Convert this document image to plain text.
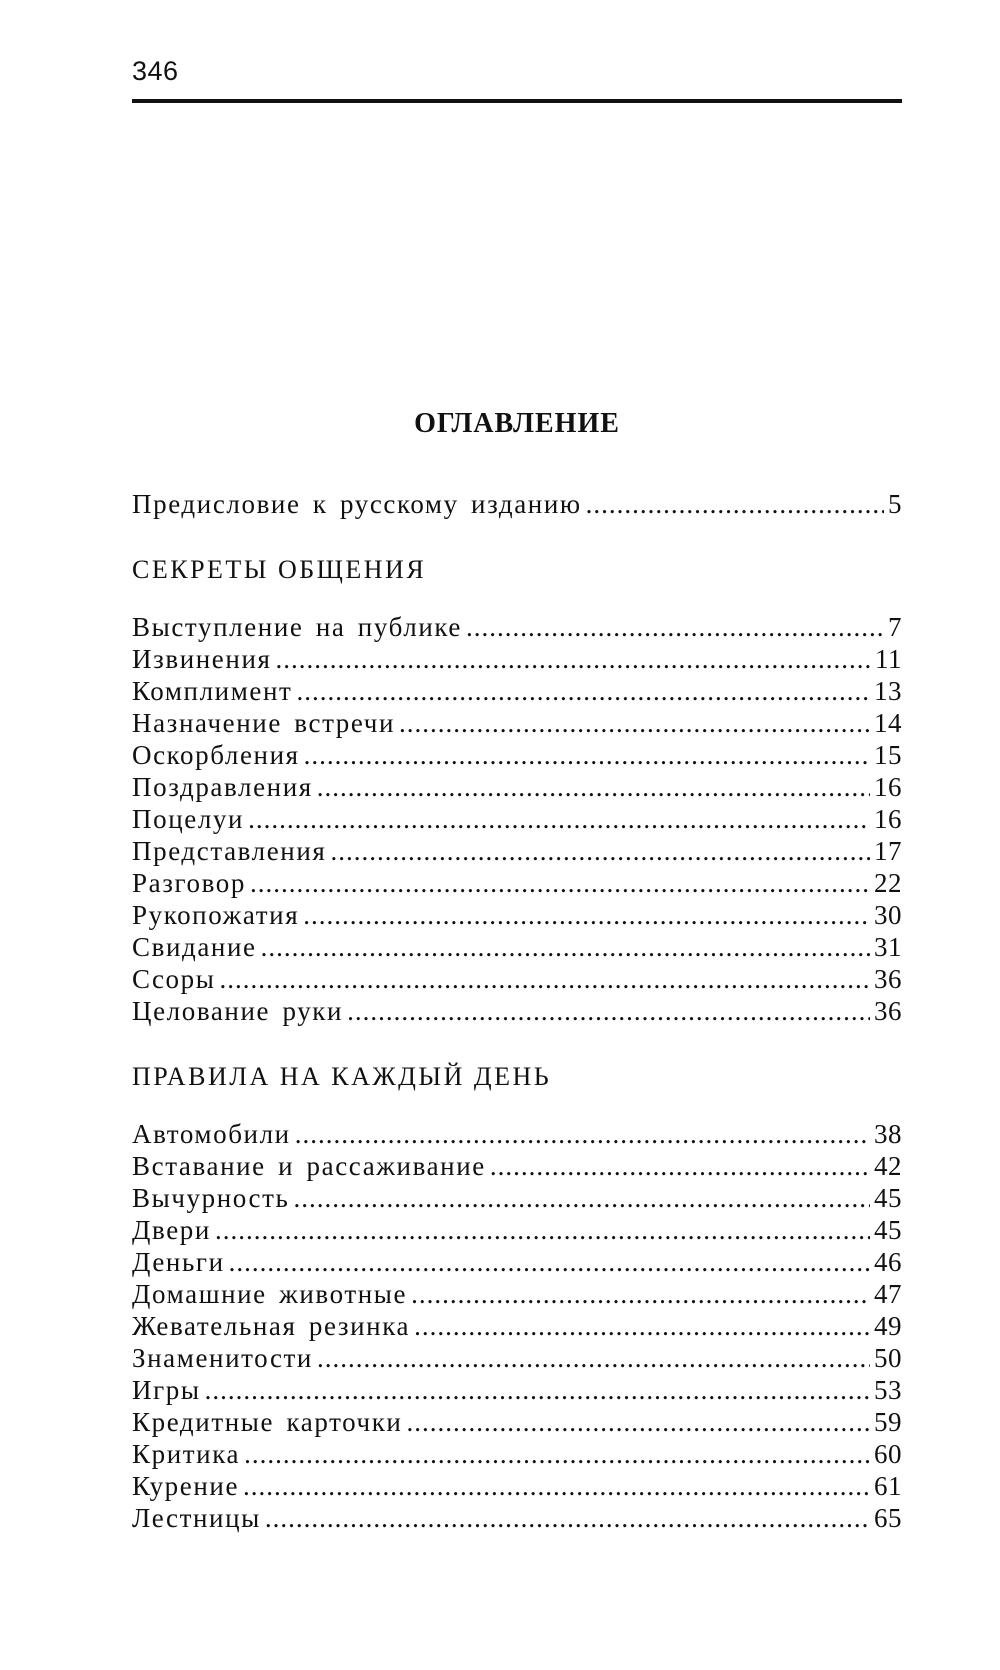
346
ОГЛАВЛЕНИЕ
Предисловие к русскому изданию .....	5
СЕКРЕТЫ ОБЩЕНИЯ
Выступление на публике .....	7
Извинения .....	11
Комплимент .....	13
Назначение встречи .....	14
Оскорбления .....	15
Поздравления .....	16
Поцелуи .....	16
Представления .....	17
Разговор .....	22
Рукопожатия .....	30
Свидание .....	31
Ссоры .....	36
Целование руки .....	36
ПРАВИЛА НА КАЖДЫЙ ДЕНЬ
Автомобили .....	38
Вставание и рассаживание .....	42
Вычурность .....	45
Двери .....	45
Деньги .....	46
Домашние животные .....	47
Жевательная резинка .....	49
Знаменитости .....	50
Игры .....	53
Кредитные карточки .....	59
Критика .....	60
Курение .....	61
Лестницы .....	65
